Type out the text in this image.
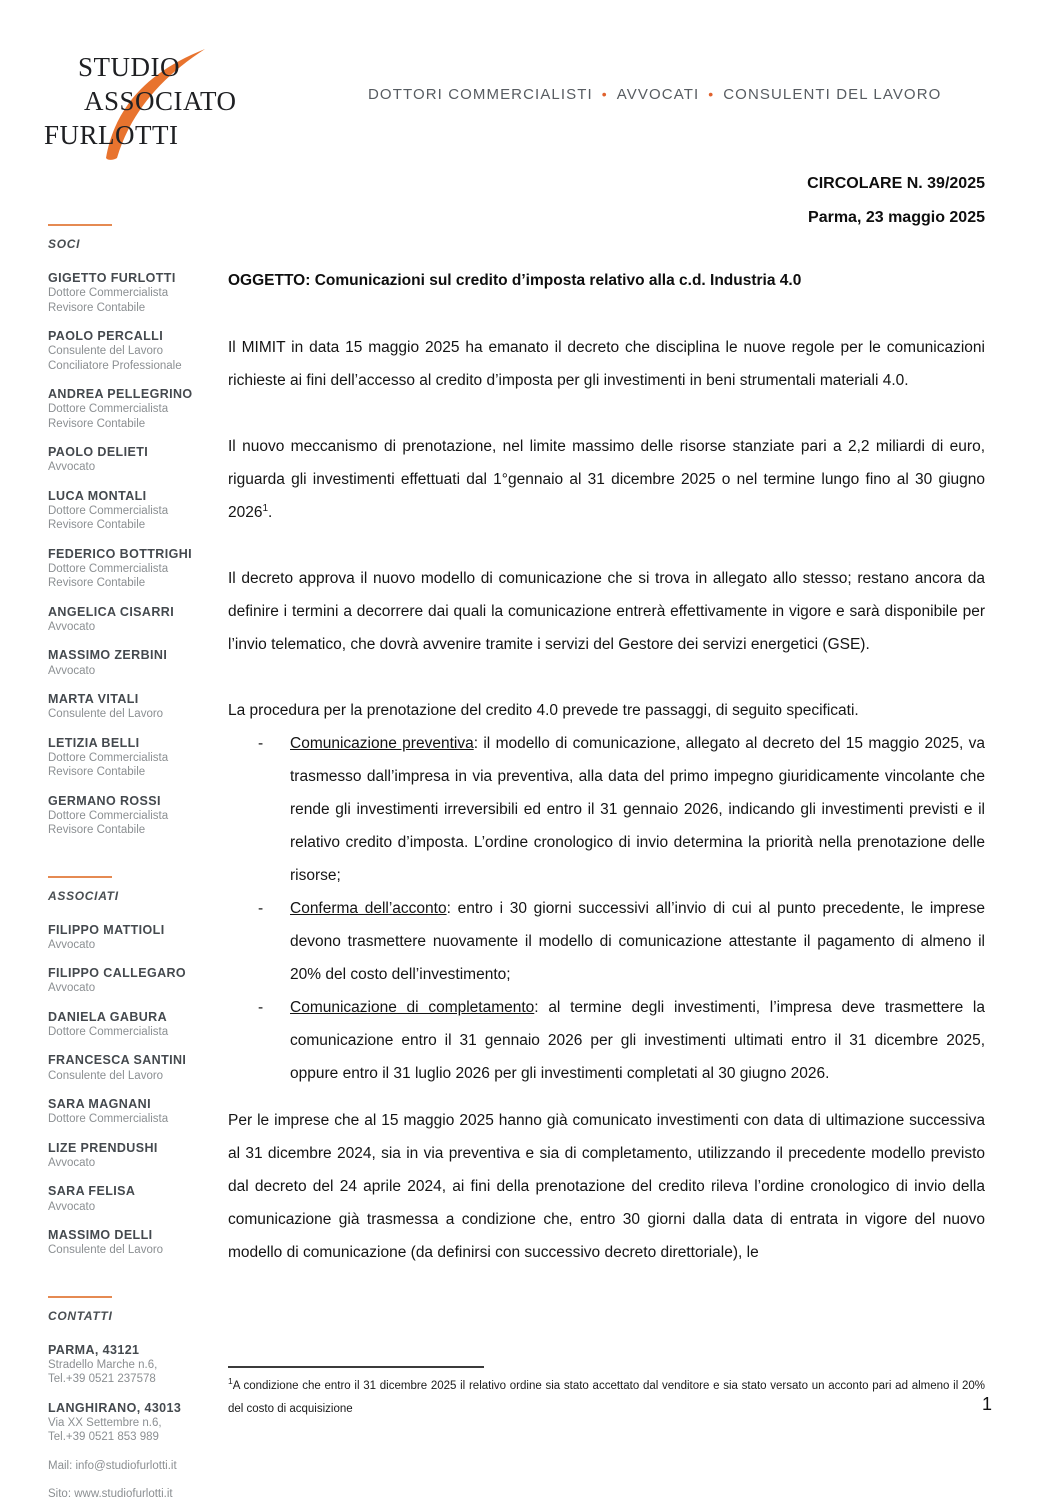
STUDIO
ASSOCIATO
FURLOTTI
DOTTORI COMMERCIALISTI • AVVOCATI • CONSULENTI DEL LAVORO
CIRCOLARE N. 39/2025
Parma, 23 maggio 2025
SOCI
GIGETTO FURLOTTI
Dottore Commercialista
Revisore Contabile
PAOLO PERCALLI
Consulente del Lavoro
Conciliatore Professionale
ANDREA PELLEGRINO
Dottore Commercialista
Revisore Contabile
PAOLO DELIETI
Avvocato
LUCA MONTALI
Dottore Commercialista
Revisore Contabile
FEDERICO BOTTRIGHI
Dottore Commercialista
Revisore Contabile
ANGELICA CISARRI
Avvocato
MASSIMO ZERBINI
Avvocato
MARTA VITALI
Consulente del Lavoro
LETIZIA BELLI
Dottore Commercialista
Revisore Contabile
GERMANO ROSSI
Dottore Commercialista
Revisore Contabile
ASSOCIATI
FILIPPO MATTIOLI
Avvocato
FILIPPO CALLEGARO
Avvocato
DANIELA GABURA
Dottore Commercialista
FRANCESCA SANTINI
Consulente del Lavoro
SARA MAGNANI
Dottore Commercialista
LIZE PRENDUSHI
Avvocato
SARA FELISA
Avvocato
MASSIMO DELLI
Consulente del Lavoro
CONTATTI
PARMA, 43121
Stradello Marche n.6,
Tel.+39 0521 237578
LANGHIRANO, 43013
Via XX Settembre n.6,
Tel.+39 0521 853 989
Mail: info@studiofurlotti.it
Sito: www.studiofurlotti.it

OGGETTO: Comunicazioni sul credito d’imposta relativo alla c.d. Industria 4.0

Il MIMIT in data 15 maggio 2025 ha emanato il decreto che disciplina le nuove regole per le comunicazioni richieste ai fini dell’accesso al credito d’imposta per gli investimenti in beni strumentali materiali 4.0.

Il nuovo meccanismo di prenotazione, nel limite massimo delle risorse stanziate pari a 2,2 miliardi di euro, riguarda gli investimenti effettuati dal 1°gennaio al 31 dicembre 2025 o nel termine lungo fino al 30 giugno 2026$^1$.

Il decreto approva il nuovo modello di comunicazione che si trova in allegato allo stesso; restano ancora da definire i termini a decorrere dai quali la comunicazione entrerà effettivamente in vigore e sarà disponibile per l’invio telematico, che dovrà avvenire tramite i servizi del Gestore dei servizi energetici (GSE).

La procedura per la prenotazione del credito 4.0 prevede tre passaggi, di seguito specificati.

-	Comunicazione preventiva: il modello di comunicazione, allegato al decreto del 15 maggio 2025, va trasmesso dall’impresa in via preventiva, alla data del primo impegno giuridicamente vincolante che rende gli investimenti irreversibili ed entro il 31 gennaio 2026, indicando gli investimenti previsti e il relativo credito d’imposta. L’ordine cronologico di invio determina la priorità nella prenotazione delle risorse;
-	Conferma dell’acconto: entro i 30 giorni successivi all’invio di cui al punto precedente, le imprese devono trasmettere nuovamente il modello di comunicazione attestante il pagamento di almeno il 20% del costo dell’investimento;
-	Comunicazione di completamento: al termine degli investimenti, l’impresa deve trasmettere la comunicazione entro il 31 gennaio 2026 per gli investimenti ultimati entro il 31 dicembre 2025, oppure entro il 31 luglio 2026 per gli investimenti completati al 30 giugno 2026.

Per le imprese che al 15 maggio 2025 hanno già comunicato investimenti con data di ultimazione successiva al 31 dicembre 2024, sia in via preventiva e sia di completamento, utilizzando il precedente modello previsto dal decreto del 24 aprile 2024, ai fini della prenotazione del credito rileva l’ordine cronologico di invio della comunicazione già trasmessa a condizione che, entro 30 giorni dalla data di entrata in vigore del nuovo modello di comunicazione (da definirsi con successivo decreto direttoriale), le

$^1$A condizione che entro il 31 dicembre 2025 il relativo ordine sia stato accettato dal venditore e sia stato versato un acconto pari ad almeno il 20% del costo di acquisizione	1
